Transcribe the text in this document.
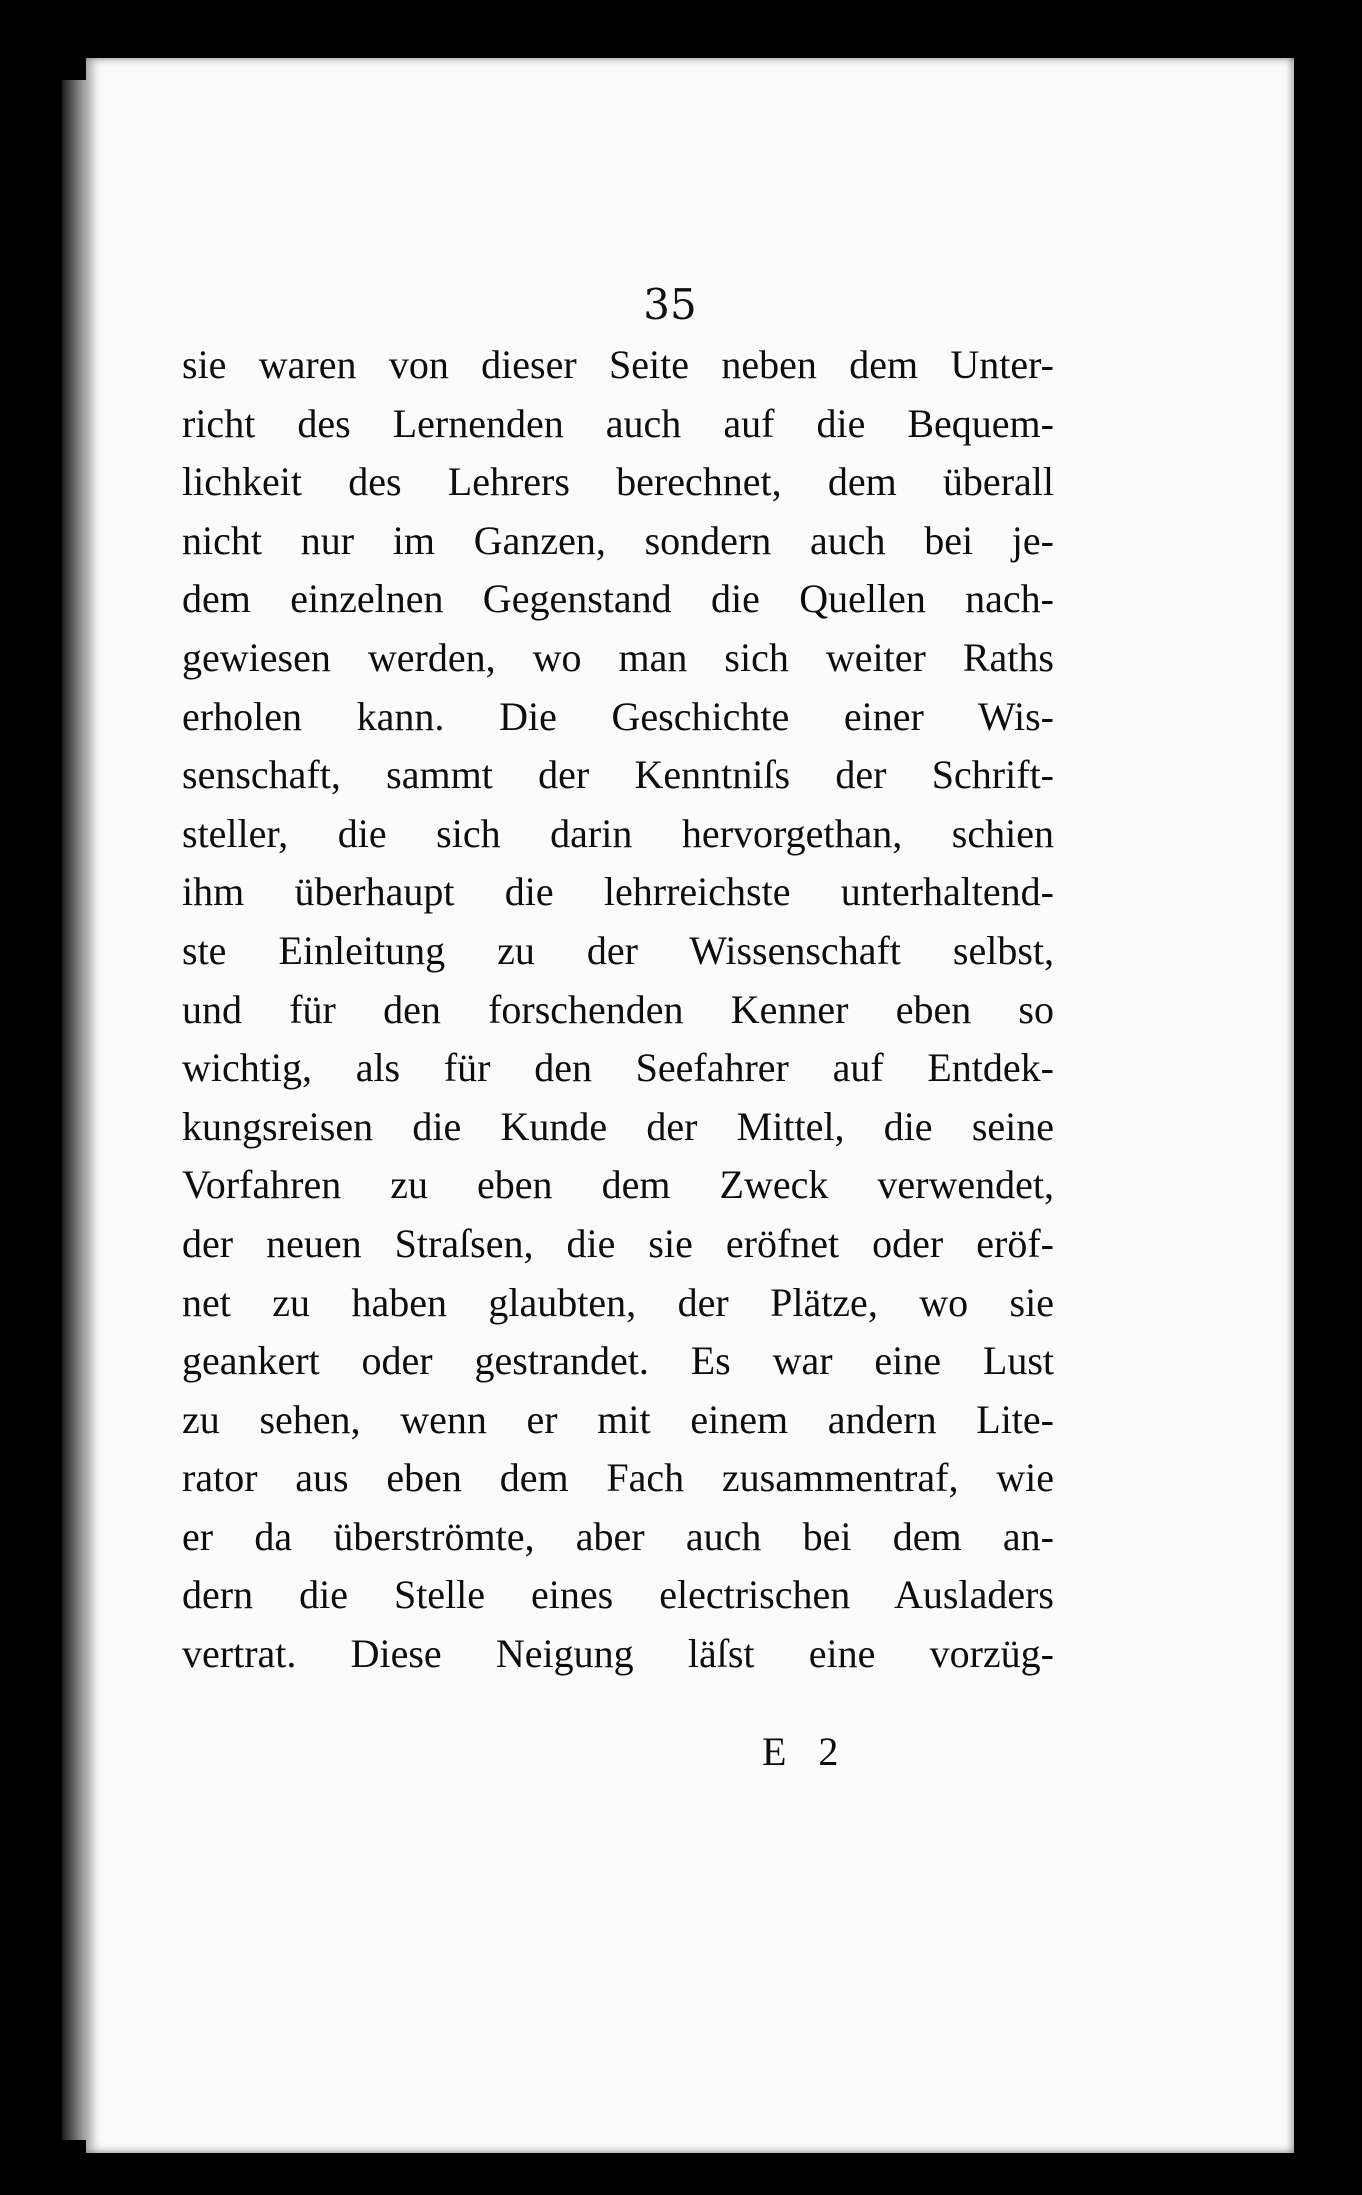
35
sie waren von dieser Seite neben dem Unter-
richt des Lernenden auch auf die Bequem-
lichkeit des Lehrers berechnet, dem überall
nicht nur im Ganzen, sondern auch bei je-
dem einzelnen Gegenstand die Quellen nach-
gewiesen werden, wo man sich weiter Raths
erholen kann. Die Geschichte einer Wis-
senschaft, sammt der Kenntniſs der Schrift-
steller, die sich darin hervorgethan, schien
ihm überhaupt die lehrreichste unterhaltend-
ste Einleitung zu der Wissenschaft selbst,
und für den forschenden Kenner eben so
wichtig, als für den Seefahrer auf Entdek-
kungsreisen die Kunde der Mittel, die seine
Vorfahren zu eben dem Zweck verwendet,
der neuen Straſsen, die sie eröfnet oder eröf-
net zu haben glaubten, der Plätze, wo sie
geankert oder gestrandet. Es war eine Lust
zu sehen, wenn er mit einem andern Lite-
rator aus eben dem Fach zusammentraf, wie
er da überströmte, aber auch bei dem an-
dern die Stelle eines electrischen Ausladers
vertrat. Diese Neigung läſst eine vorzüg-
E 2
